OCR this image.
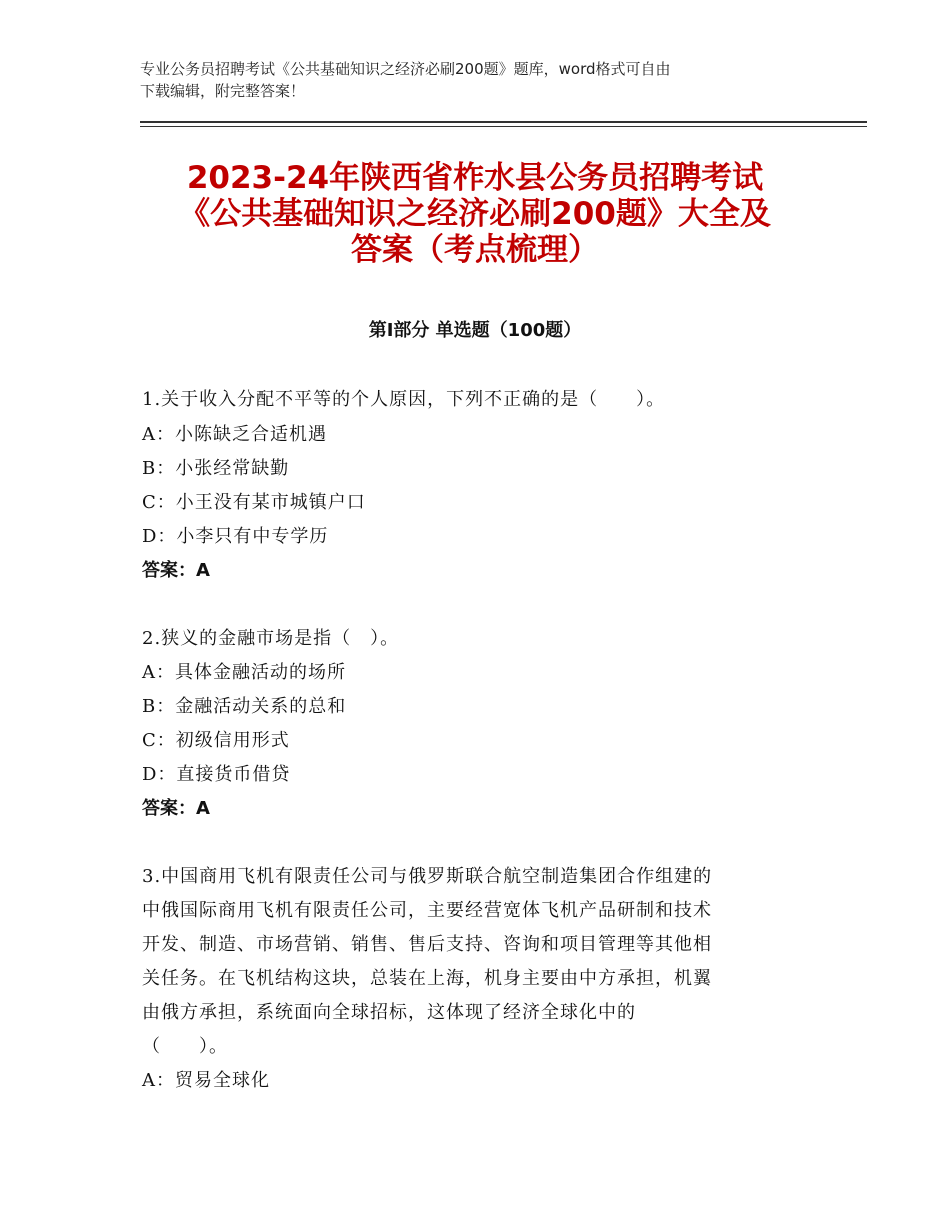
专业公务员招聘考试《公共基础知识之经济必刷200题》题库，word格式可自由
下载编辑，附完整答案！
2023-24年陕西省柞水县公务员招聘考试
《公共基础知识之经济必刷200题》大全及
答案（考点梳理）
第I部分 单选题（100题）
1.关于收入分配不平等的个人原因，下列不正确的是（　　）。
A：小陈缺乏合适机遇
B：小张经常缺勤
C：小王没有某市城镇户口
D：小李只有中专学历
答案：A
2.狭义的金融市场是指（　）。
A：具体金融活动的场所
B：金融活动关系的总和
C：初级信用形式
D：直接货币借贷
答案：A
3.中国商用飞机有限责任公司与俄罗斯联合航空制造集团合作组建的
中俄国际商用飞机有限责任公司，主要经营宽体飞机产品研制和技术
开发、制造、市场营销、销售、售后支持、咨询和项目管理等其他相
关任务。在飞机结构这块，总装在上海，机身主要由中方承担，机翼
由俄方承担，系统面向全球招标，这体现了经济全球化中的
（　　）。
A：贸易全球化
